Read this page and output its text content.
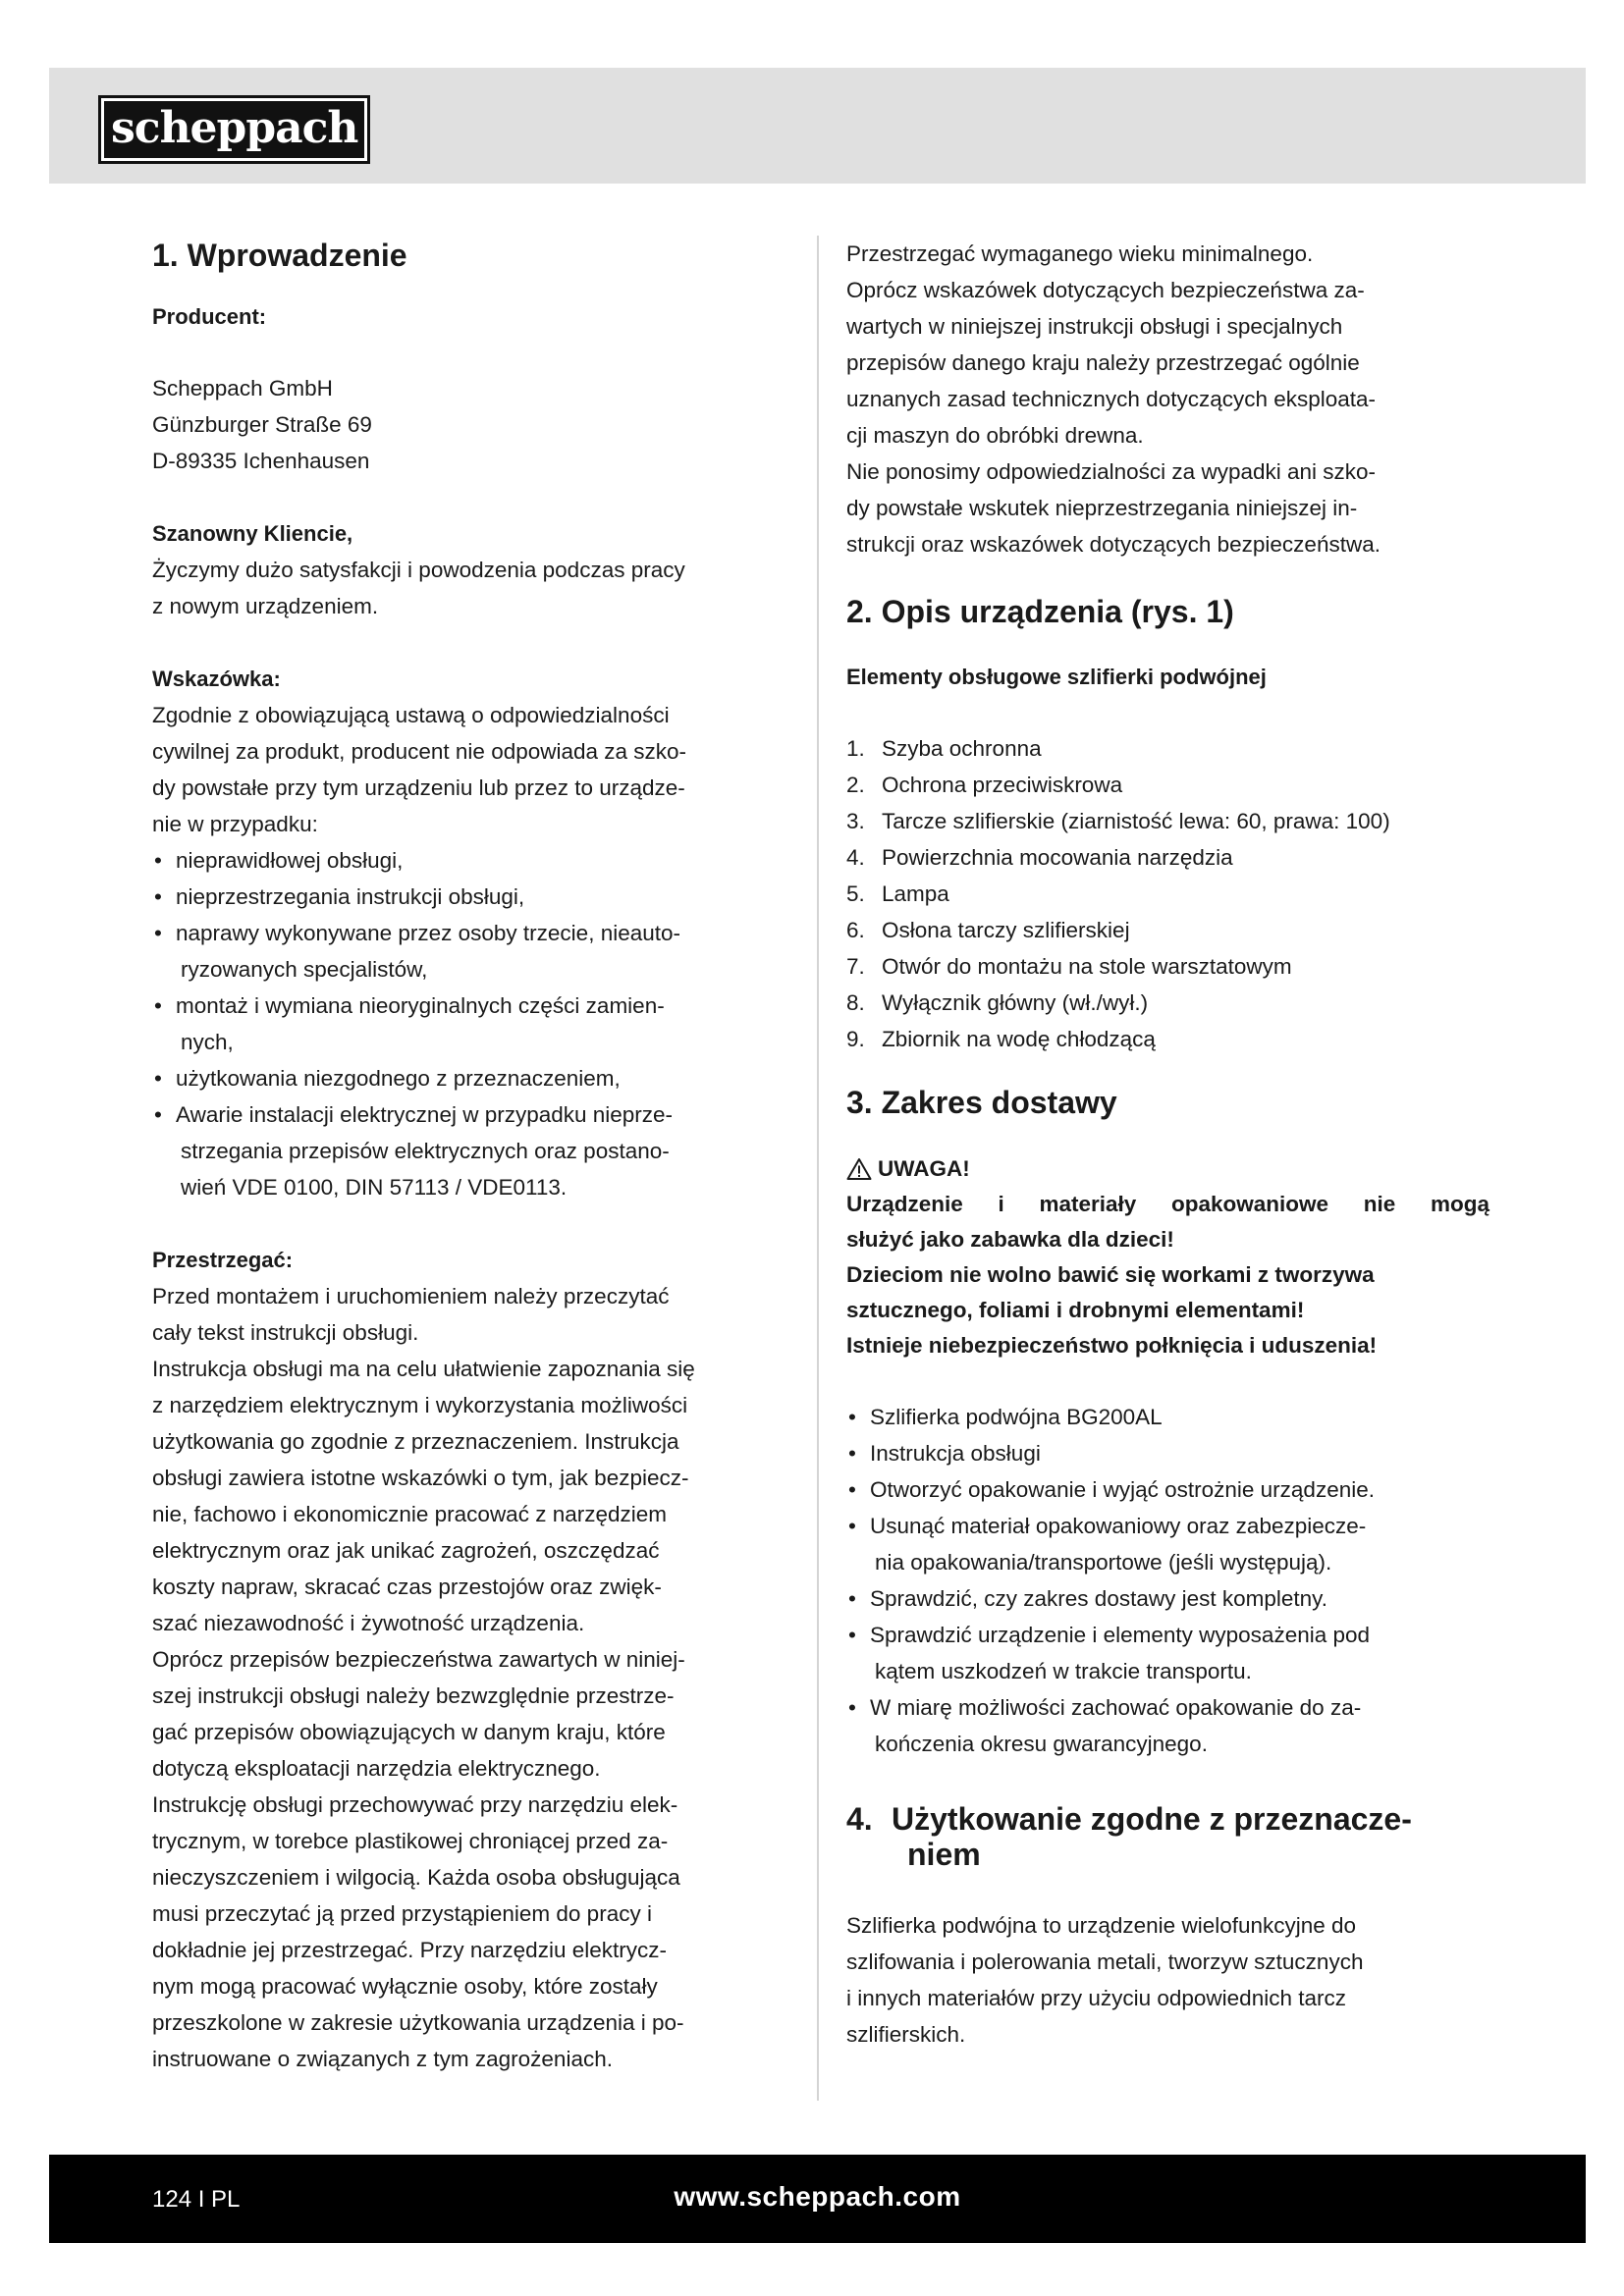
scheppach
1. Wprowadzenie

Producent:

Scheppach GmbH

Günzburger Straße 69

D-89335 Ichenhausen

Szanowny Kliencie,

Życzymy dużo satysfakcji i powodzenia podczas pracy

z nowym urządzeniem.

Wskazówka:

Zgodnie z obowiązującą ustawą o odpowiedzialności

cywilnej za produkt, producent nie odpowiada za szko-

dy powstałe przy tym urządzeniu lub przez to urządze-

nie w przypadku:

• nieprawidłowej obsługi,
• nieprzestrzegania instrukcji obsługi,
• naprawy wykonywane przez osoby trzecie, nieauto-
ryzowanych specjalistów,
• montaż i wymiana nieoryginalnych części zamien-
nych,
• użytkowania niezgodnego z przeznaczeniem,
• Awarie instalacji elektrycznej w przypadku nieprze-
strzegania przepisów elektrycznych oraz postano-
wień VDE 0100, DIN 57113 / VDE0113.

Przestrzegać:

Przed montażem i uruchomieniem należy przeczytać

cały tekst instrukcji obsługi.

Instrukcja obsługi ma na celu ułatwienie zapoznania się

z narzędziem elektrycznym i wykorzystania możliwości

użytkowania go zgodnie z przeznaczeniem. Instrukcja

obsługi zawiera istotne wskazówki o tym, jak bezpiecz-

nie, fachowo i ekonomicznie pracować z narzędziem

elektrycznym oraz jak unikać zagrożeń, oszczędzać

koszty napraw, skracać czas przestojów oraz zwięk-

szać niezawodność i żywotność urządzenia.

Oprócz przepisów bezpieczeństwa zawartych w niniej-

szej instrukcji obsługi należy bezwzględnie przestrze-

gać przepisów obowiązujących w danym kraju, które

dotyczą eksploatacji narzędzia elektrycznego.

Instrukcję obsługi przechowywać przy narzędziu elek-

trycznym, w torebce plastikowej chroniącej przed za-

nieczyszczeniem i wilgocią. Każda osoba obsługująca

musi przeczytać ją przed przystąpieniem do pracy i

dokładnie jej przestrzegać. Przy narzędziu elektrycz-

nym mogą pracować wyłącznie osoby, które zostały

przeszkolone w zakresie użytkowania urządzenia i po-

instruowane o związanych z tym zagrożeniach.

Przestrzegać wymaganego wieku minimalnego.

Oprócz wskazówek dotyczących bezpieczeństwa za-

wartych w niniejszej instrukcji obsługi i specjalnych

przepisów danego kraju należy przestrzegać ogólnie

uznanych zasad technicznych dotyczących eksploata-

cji maszyn do obróbki drewna.

Nie ponosimy odpowiedzialności za wypadki ani szko-

dy powstałe wskutek nieprzestrzegania niniejszej in-

strukcji oraz wskazówek dotyczących bezpieczeństwa.

2. Opis urządzenia (rys. 1)

Elementy obsługowe szlifierki podwójnej

1. Szyba ochronna
2. Ochrona przeciwiskrowa
3. Tarcze szlifierskie (ziarnistość lewa: 60, prawa: 100)
4. Powierzchnia mocowania narzędzia
5. Lampa
6. Osłona tarczy szlifierskiej
7. Otwór do montażu na stole warsztatowym
8. Wyłącznik główny (wł./wył.)
9. Zbiornik na wodę chłodzącą
3. Zakres dostawy
UWAGA!

Urządzenie i materiały opakowaniowe nie mogą

służyć jako zabawka dla dzieci!

Dzieciom nie wolno bawić się workami z tworzywa

sztucznego, foliami i drobnymi elementami!

Istnieje niebezpieczeństwo połknięcia i uduszenia!

• Szlifierka podwójna BG200AL
• Instrukcja obsługi
• Otworzyć opakowanie i wyjąć ostrożnie urządzenie.
• Usunąć materiał opakowaniowy oraz zabezpiecze-
nia opakowania/transportowe (jeśli występują).
• Sprawdzić, czy zakres dostawy jest kompletny.
• Sprawdzić urządzenie i elementy wyposażenia pod
kątem uszkodzeń w trakcie transportu.
• W miarę możliwości zachować opakowanie do za-
kończenia okresu gwarancyjnego.
4. Użytkowanie zgodne z przeznacze-
niem

Szlifierka podwójna to urządzenie wielofunkcyjne do

szlifowania i polerowania metali, tworzyw sztucznych

i innych materiałów przy użyciu odpowiednich tarcz

szlifierskich.

124 I PL	www.scheppach.com
